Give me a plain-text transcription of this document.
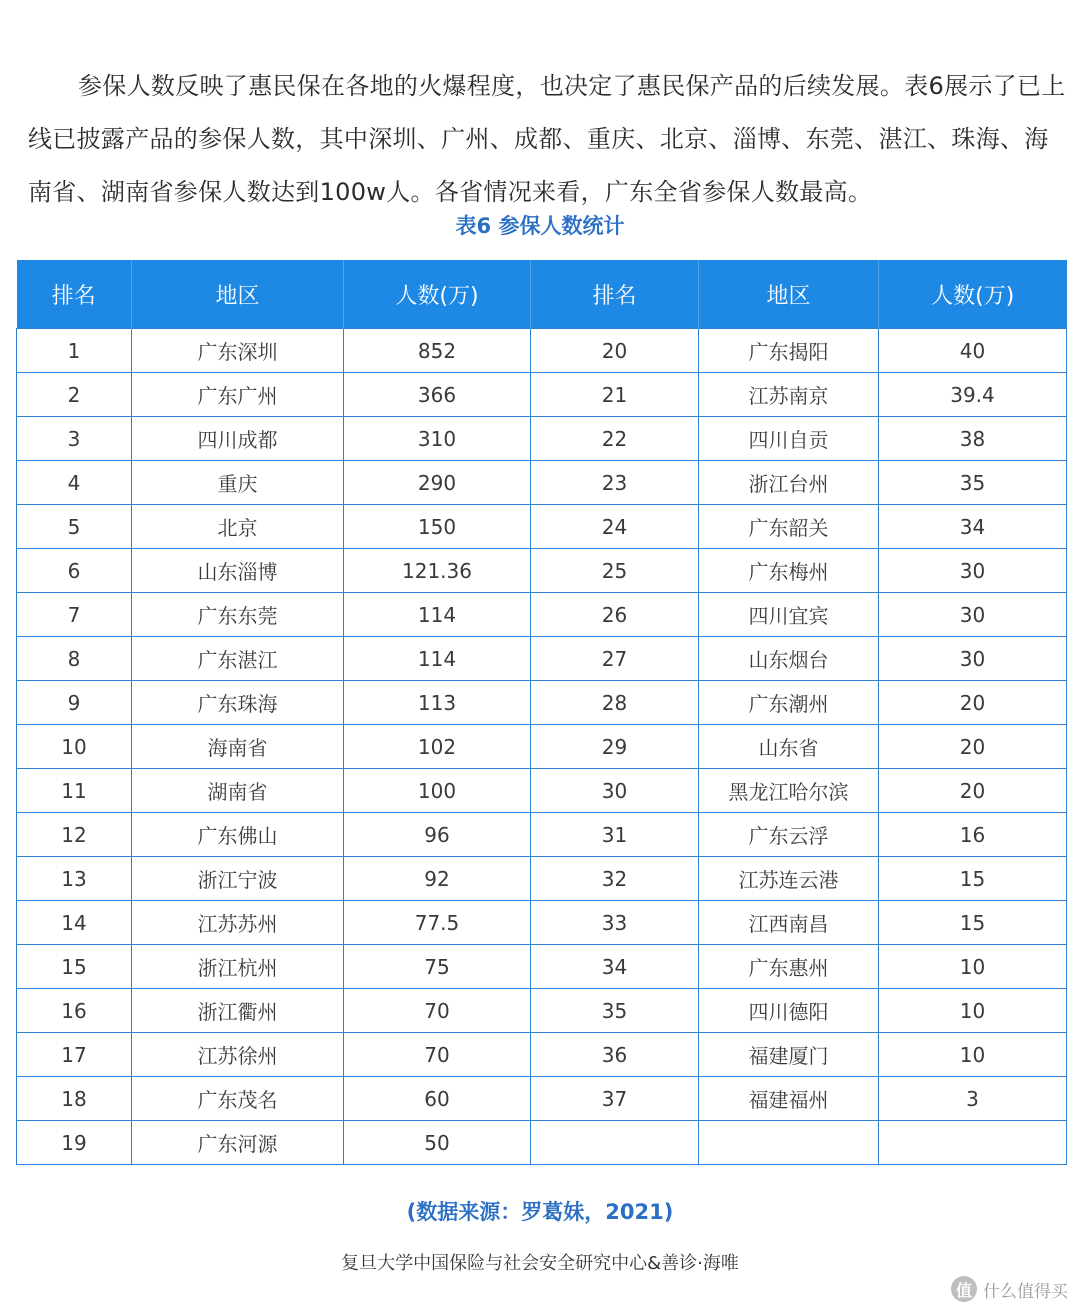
参保人数反映了惠民保在各地的火爆程度，也决定了惠民保产品的后续发展。表6展示了已上线已披露产品的参保人数，其中深圳、广州、成都、重庆、北京、淄博、东莞、湛江、珠海、海南省、湖南省参保人数达到100w人。各省情况来看，广东全省参保人数最高。

表6 参保人数统计
排名	地区	人数(万)	排名	地区	人数(万)
1	广东深圳	852	20	广东揭阳	40
2	广东广州	366	21	江苏南京	39.4
3	四川成都	310	22	四川自贡	38
4	重庆	290	23	浙江台州	35
5	北京	150	24	广东韶关	34
6	山东淄博	121.36	25	广东梅州	30
7	广东东莞	114	26	四川宜宾	30
8	广东湛江	114	27	山东烟台	30
9	广东珠海	113	28	广东潮州	20
10	海南省	102	29	山东省	20
11	湖南省	100	30	黑龙江哈尔滨	20
12	广东佛山	96	31	广东云浮	16
13	浙江宁波	92	32	江苏连云港	15
14	江苏苏州	77.5	33	江西南昌	15
15	浙江杭州	75	34	广东惠州	10
16	浙江衢州	70	35	四川德阳	10
17	江苏徐州	70	36	福建厦门	10
18	广东茂名	60	37	福建福州	3
19	广东河源	50			
(数据来源：罗葛妹，2021)
复旦大学中国保险与社会安全研究中心&善诊·海唯
值 什么值得买
